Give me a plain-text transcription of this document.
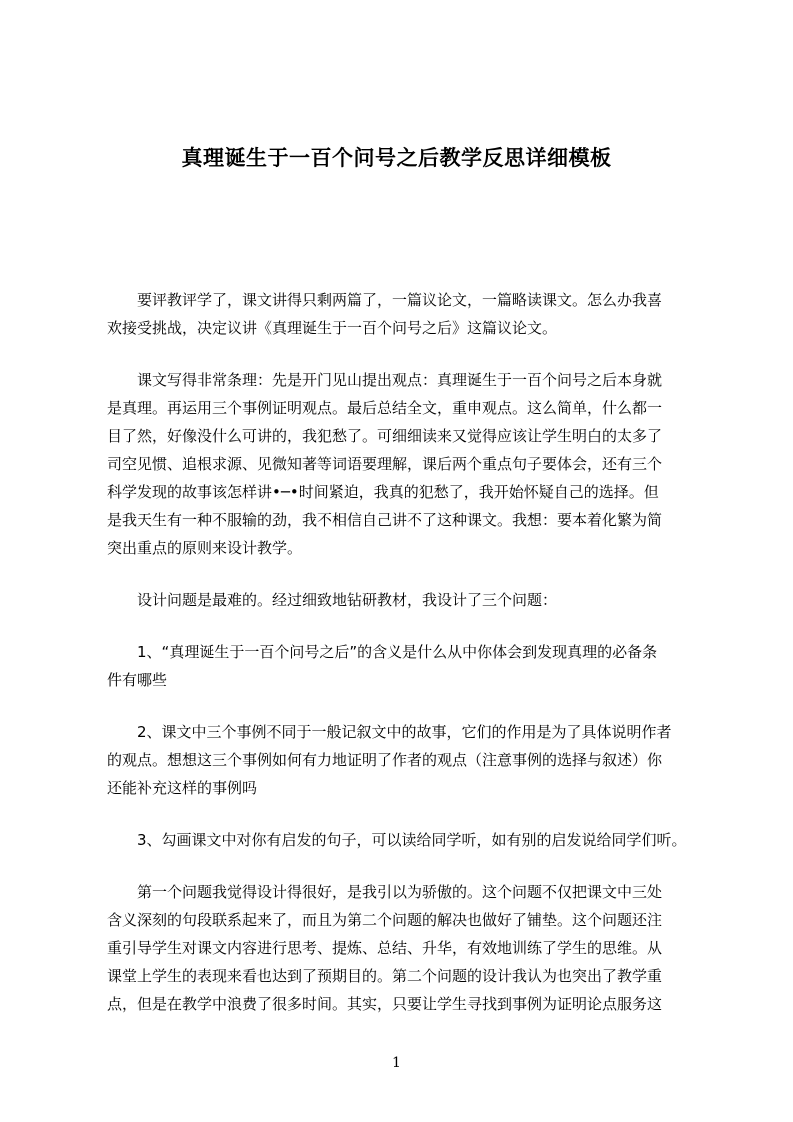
真理诞生于一百个问号之后教学反思详细模板
　　要评教评学了，课文讲得只剩两篇了，一篇议论文，一篇略读课文。怎么办我喜
欢接受挑战，决定议讲《真理诞生于一百个问号之后》这篇议论文。
　　课文写得非常条理：先是开门见山提出观点：真理诞生于一百个问号之后本身就
是真理。再运用三个事例证明观点。最后总结全文，重申观点。这么简单，什么都一
目了然，好像没什么可讲的，我犯愁了。可细细读来又觉得应该让学生明白的太多了
司空见惯、追根求源、见微知著等词语要理解，课后两个重点句子要体会，还有三个
科学发现的故事该怎样讲•─•时间紧迫，我真的犯愁了，我开始怀疑自己的选择。但
是我天生有一种不服输的劲，我不相信自己讲不了这种课文。我想：要本着化繁为简
突出重点的原则来设计教学。
　　设计问题是最难的。经过细致地钻研教材，我设计了三个问题：
　　1、“真理诞生于一百个问号之后”的含义是什么从中你体会到发现真理的必备条
件有哪些
　　2、课文中三个事例不同于一般记叙文中的故事，它们的作用是为了具体说明作者
的观点。想想这三个事例如何有力地证明了作者的观点（注意事例的选择与叙述）你
还能补充这样的事例吗
　　3、勾画课文中对你有启发的句子，可以读给同学听，如有别的启发说给同学们听。
　　第一个问题我觉得设计得很好，是我引以为骄傲的。这个问题不仅把课文中三处
含义深刻的句段联系起来了，而且为第二个问题的解决也做好了铺垫。这个问题还注
重引导学生对课文内容进行思考、提炼、总结、升华，有效地训练了学生的思维。从
课堂上学生的表现来看也达到了预期目的。第二个问题的设计我认为也突出了教学重
点，但是在教学中浪费了很多时间。其实，只要让学生寻找到事例为证明论点服务这
1
